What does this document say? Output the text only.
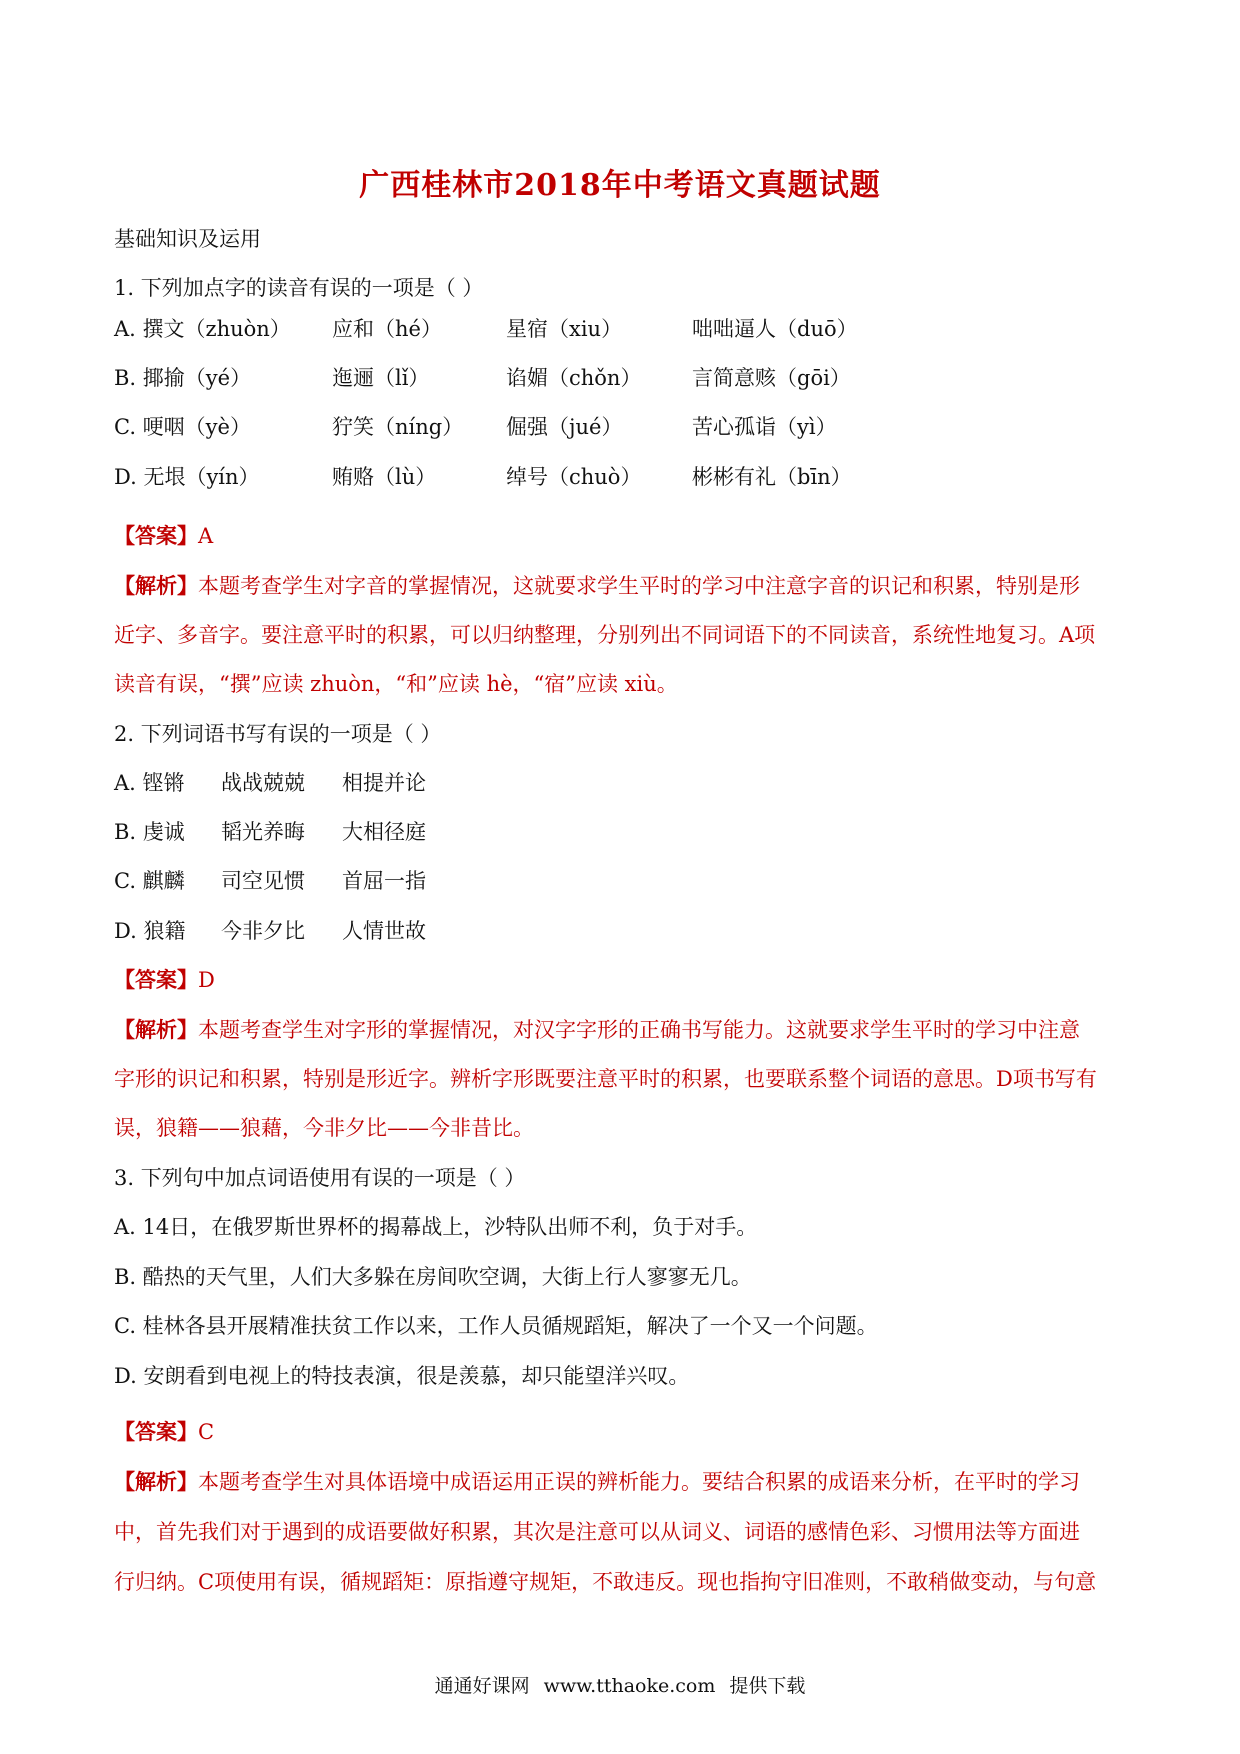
广西桂林市2018年中考语文真题试题
基础知识及运用
1. 下列加点字的读音有误的一项是（ ）
A. 撰文（zhuòn） 应和（hé）	星宿（xiu）	咄咄逼人（duō）
B. 揶揄（yé）	迤逦（lǐ）	谄媚（chǒn） 言简意赅（gōi）
C. 哽咽（yè）	狞笑（níng） 倔强（jué）	苦心孤诣（yì）
D. 无垠（yín）	贿赂（lù）	绰号（chuò） 彬彬有礼（bīn）
【答案】A
【解析】本题考查学生对字音的掌握情况，这就要求学生平时的学习中注意字音的识记和积累，特别是形
近字、多音字。要注意平时的积累，可以归纳整理，分别列出不同词语下的不同读音，系统性地复习。A项
读音有误，“撰”应读 zhuòn，“和”应读 hè，“宿”应读 xiù。
2. 下列词语书写有误的一项是（ ）
A. 铿锵 战战兢兢 相提并论
B. 虔诚 韬光养晦 大相径庭
C. 麒麟 司空见惯 首屈一指
D. 狼籍 今非夕比 人情世故
【答案】D
【解析】本题考查学生对字形的掌握情况，对汉字字形的正确书写能力。这就要求学生平时的学习中注意
字形的识记和积累，特别是形近字。辨析字形既要注意平时的积累，也要联系整个词语的意思。D项书写有
误，狼籍——狼藉，今非夕比——今非昔比。
3. 下列句中加点词语使用有误的一项是（ ）
A. 14日，在俄罗斯世界杯的揭幕战上，沙特队出师不利，负于对手。
B. 酷热的天气里，人们大多躲在房间吹空调，大街上行人寥寥无几。
C. 桂林各县开展精准扶贫工作以来，工作人员循规蹈矩，解决了一个又一个问题。
D. 安朗看到电视上的特技表演，很是羡慕，却只能望洋兴叹。
【答案】C
【解析】本题考查学生对具体语境中成语运用正误的辨析能力。要结合积累的成语来分析，在平时的学习
中，首先我们对于遇到的成语要做好积累，其次是注意可以从词义、词语的感情色彩、习惯用法等方面进
行归纳。C项使用有误，循规蹈矩：原指遵守规矩，不敢违反。现也指拘守旧准则，不敢稍做变动，与句意
通通好课网 www.tthaoke.com 提供下载
